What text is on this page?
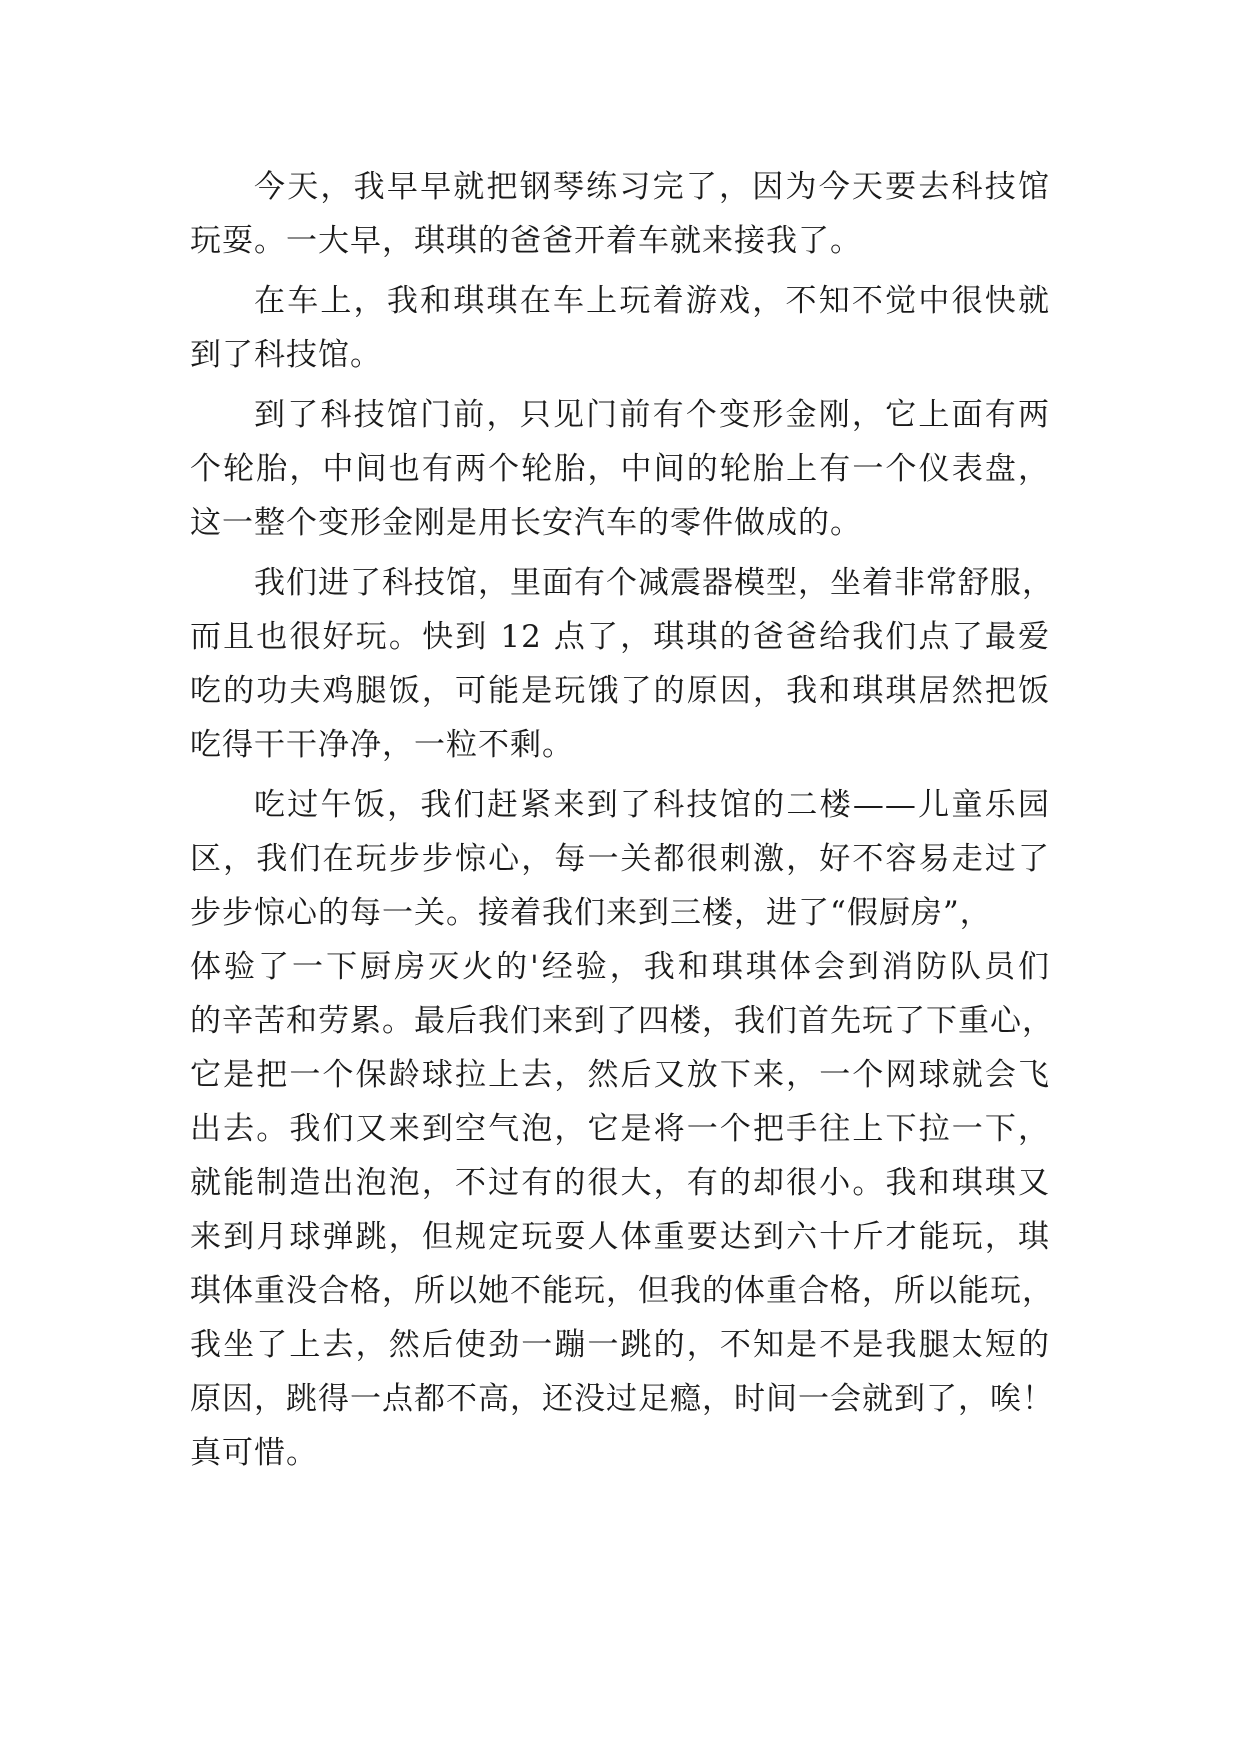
今天，我早早就把钢琴练习完了，因为今天要去科技馆
玩耍。一大早，琪琪的爸爸开着车就来接我了。
在车上，我和琪琪在车上玩着游戏，不知不觉中很快就
到了科技馆。
到了科技馆门前，只见门前有个变形金刚，它上面有两
个轮胎，中间也有两个轮胎，中间的轮胎上有一个仪表盘，
这一整个变形金刚是用长安汽车的零件做成的。
我们进了科技馆，里面有个减震器模型，坐着非常舒服，
而且也很好玩。快到 12 点了，琪琪的爸爸给我们点了最爱
吃的功夫鸡腿饭，可能是玩饿了的原因，我和琪琪居然把饭
吃得干干净净，一粒不剩。
吃过午饭，我们赶紧来到了科技馆的二楼——儿童乐园
区，我们在玩步步惊心，每一关都很刺激，好不容易走过了
步步惊心的每一关。接着我们来到三楼，进了“假厨房”，
体验了一下厨房灭火的'经验，我和琪琪体会到消防队员们
的辛苦和劳累。最后我们来到了四楼，我们首先玩了下重心，
它是把一个保龄球拉上去，然后又放下来，一个网球就会飞
出去。我们又来到空气泡，它是将一个把手往上下拉一下，
就能制造出泡泡，不过有的很大，有的却很小。我和琪琪又
来到月球弹跳，但规定玩耍人体重要达到六十斤才能玩，琪
琪体重没合格，所以她不能玩，但我的体重合格，所以能玩，
我坐了上去，然后使劲一蹦一跳的，不知是不是我腿太短的
原因，跳得一点都不高，还没过足瘾，时间一会就到了，唉！
真可惜。
